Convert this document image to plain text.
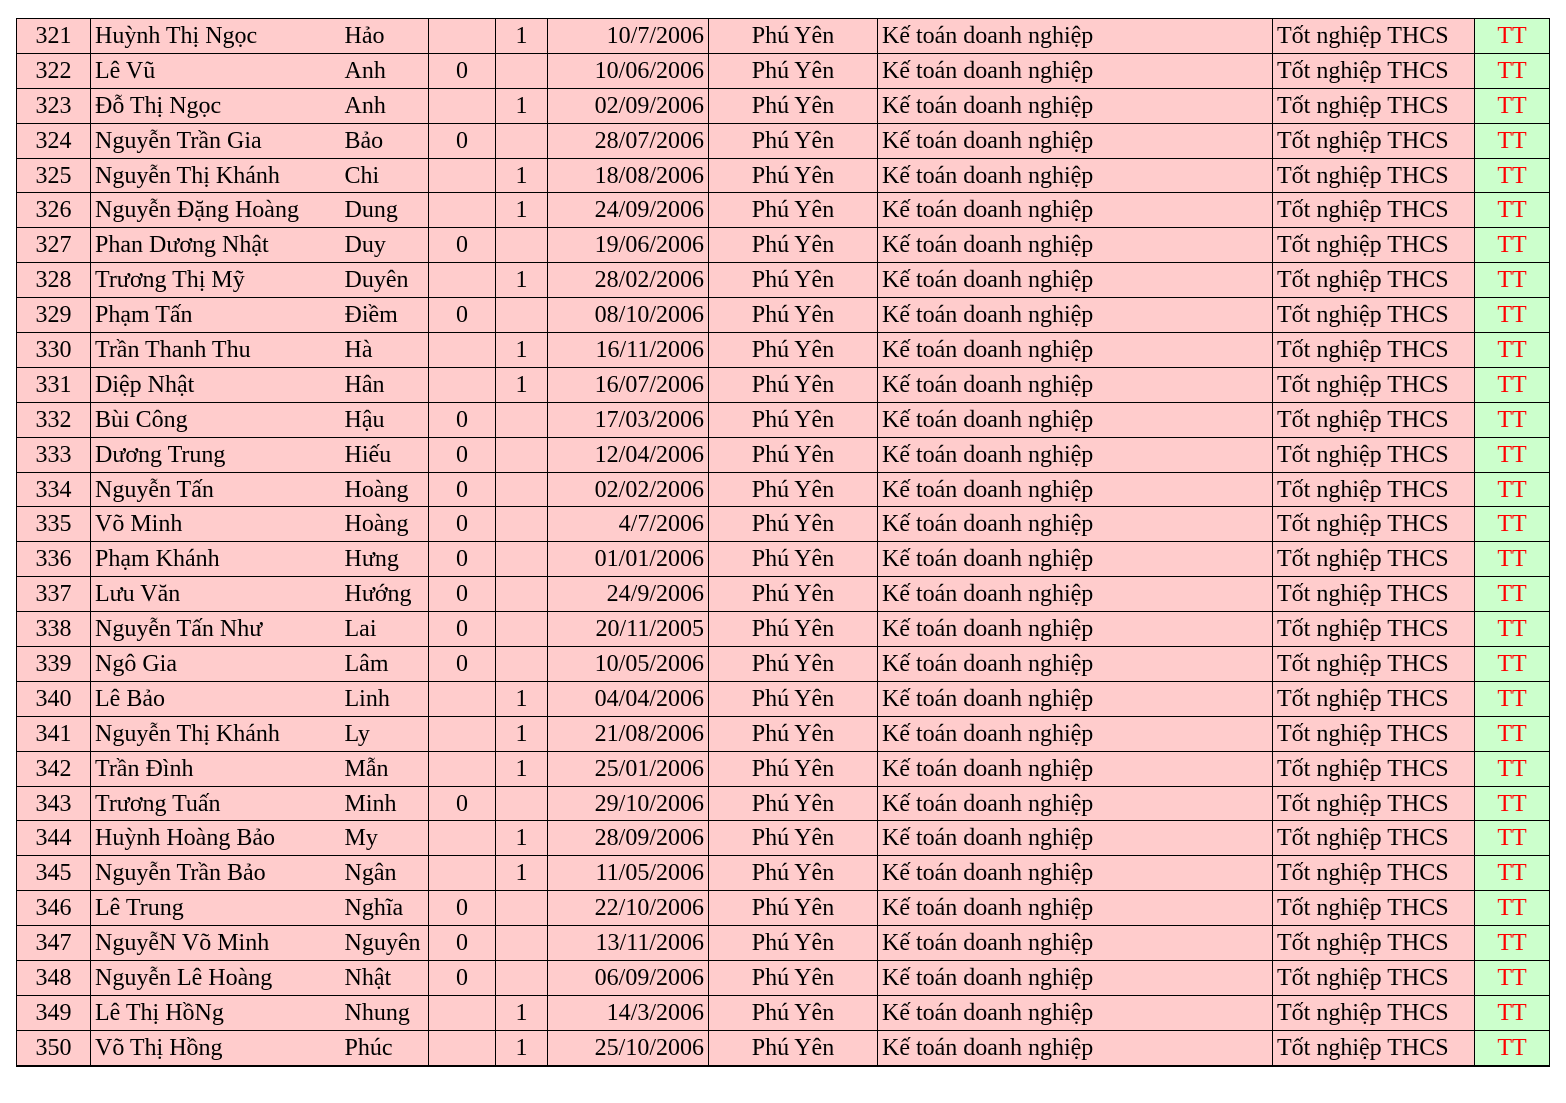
321	Huỳnh Thị Ngọc	Hảo		1	10/7/2006	Phú Yên	Kế toán doanh nghiệp	Tốt nghiệp THCS	TT
322	Lê Vũ	Anh	0		10/06/2006	Phú Yên	Kế toán doanh nghiệp	Tốt nghiệp THCS	TT
323	Đỗ Thị Ngọc	Anh		1	02/09/2006	Phú Yên	Kế toán doanh nghiệp	Tốt nghiệp THCS	TT
324	Nguyễn Trần Gia	Bảo	0		28/07/2006	Phú Yên	Kế toán doanh nghiệp	Tốt nghiệp THCS	TT
325	Nguyễn Thị Khánh	Chi		1	18/08/2006	Phú Yên	Kế toán doanh nghiệp	Tốt nghiệp THCS	TT
326	Nguyễn Đặng Hoàng	Dung		1	24/09/2006	Phú Yên	Kế toán doanh nghiệp	Tốt nghiệp THCS	TT
327	Phan Dương Nhật	Duy	0		19/06/2006	Phú Yên	Kế toán doanh nghiệp	Tốt nghiệp THCS	TT
328	Trương Thị Mỹ	Duyên		1	28/02/2006	Phú Yên	Kế toán doanh nghiệp	Tốt nghiệp THCS	TT
329	Phạm Tấn	Điềm	0		08/10/2006	Phú Yên	Kế toán doanh nghiệp	Tốt nghiệp THCS	TT
330	Trần Thanh Thu	Hà		1	16/11/2006	Phú Yên	Kế toán doanh nghiệp	Tốt nghiệp THCS	TT
331	Diệp Nhật	Hân		1	16/07/2006	Phú Yên	Kế toán doanh nghiệp	Tốt nghiệp THCS	TT
332	Bùi Công	Hậu	0		17/03/2006	Phú Yên	Kế toán doanh nghiệp	Tốt nghiệp THCS	TT
333	Dương Trung	Hiếu	0		12/04/2006	Phú Yên	Kế toán doanh nghiệp	Tốt nghiệp THCS	TT
334	Nguyễn Tấn	Hoàng	0		02/02/2006	Phú Yên	Kế toán doanh nghiệp	Tốt nghiệp THCS	TT
335	Võ Minh	Hoàng	0		4/7/2006	Phú Yên	Kế toán doanh nghiệp	Tốt nghiệp THCS	TT
336	Phạm Khánh	Hưng	0		01/01/2006	Phú Yên	Kế toán doanh nghiệp	Tốt nghiệp THCS	TT
337	Lưu Văn	Hướng	0		24/9/2006	Phú Yên	Kế toán doanh nghiệp	Tốt nghiệp THCS	TT
338	Nguyễn Tấn Như	Lai	0		20/11/2005	Phú Yên	Kế toán doanh nghiệp	Tốt nghiệp THCS	TT
339	Ngô Gia	Lâm	0		10/05/2006	Phú Yên	Kế toán doanh nghiệp	Tốt nghiệp THCS	TT
340	Lê Bảo	Linh		1	04/04/2006	Phú Yên	Kế toán doanh nghiệp	Tốt nghiệp THCS	TT
341	Nguyễn Thị Khánh	Ly		1	21/08/2006	Phú Yên	Kế toán doanh nghiệp	Tốt nghiệp THCS	TT
342	Trần Đình	Mẫn		1	25/01/2006	Phú Yên	Kế toán doanh nghiệp	Tốt nghiệp THCS	TT
343	Trương Tuấn	Minh	0		29/10/2006	Phú Yên	Kế toán doanh nghiệp	Tốt nghiệp THCS	TT
344	Huỳnh Hoàng Bảo	My		1	28/09/2006	Phú Yên	Kế toán doanh nghiệp	Tốt nghiệp THCS	TT
345	Nguyễn Trần Bảo	Ngân		1	11/05/2006	Phú Yên	Kế toán doanh nghiệp	Tốt nghiệp THCS	TT
346	Lê Trung	Nghĩa	0		22/10/2006	Phú Yên	Kế toán doanh nghiệp	Tốt nghiệp THCS	TT
347	NguyễN Võ Minh	Nguyên	0		13/11/2006	Phú Yên	Kế toán doanh nghiệp	Tốt nghiệp THCS	TT
348	Nguyễn Lê Hoàng	Nhật	0		06/09/2006	Phú Yên	Kế toán doanh nghiệp	Tốt nghiệp THCS	TT
349	Lê Thị HồNg	Nhung		1	14/3/2006	Phú Yên	Kế toán doanh nghiệp	Tốt nghiệp THCS	TT
350	Võ Thị Hồng	Phúc		1	25/10/2006	Phú Yên	Kế toán doanh nghiệp	Tốt nghiệp THCS	TT
